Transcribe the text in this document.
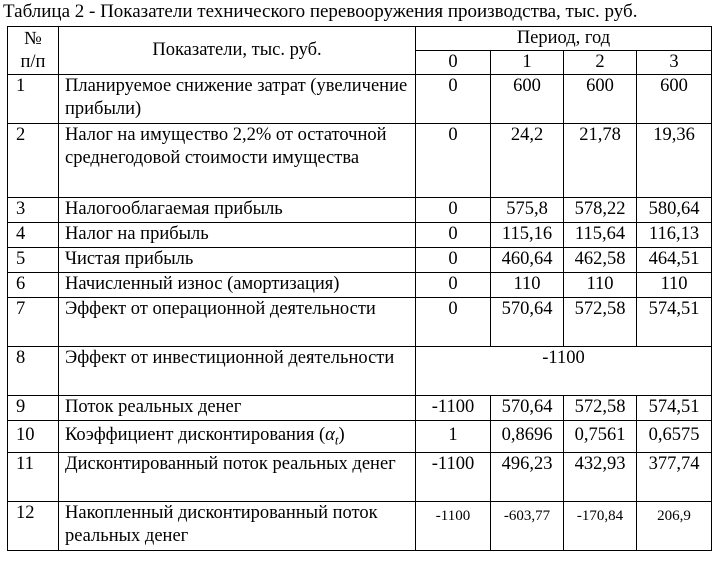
Таблица 2 - Показатели технического перевооружения производства, тыс. руб.
№
п/п	Показатели, тыс. руб.	Период, год			
		0	1	2	3
1	Планируемое снижение затрат (увеличение прибыли)	0	600	600	600
2	Налог на имущество 2,2% от остаточной среднегодовой стоимости имущества	0	24,2	21,78	19,36
3	Налогооблагаемая прибыль	0	575,8	578,22	580,64
4	Налог на прибыль	0	115,16	115,64	116,13
5	Чистая прибыль	0	460,64	462,58	464,51
6	Начисленный износ (амортизация)	0	110	110	110
7	Эффект от операционной деятельности	0	570,64	572,58	574,51
8	Эффект от инвестиционной деятельности	-1100			
9	Поток реальных денег	-1100	570,64	572,58	574,51
10	Коэффициент дисконтирования $(\alpha_t)$	1	0,8696	0,7561	0,6575
11	Дисконтированный поток реальных денег	-1100	496,23	432,93	377,74
12	Накопленный дисконтированный поток реальных денег	-1100	-603,77	-170,84	206,9
